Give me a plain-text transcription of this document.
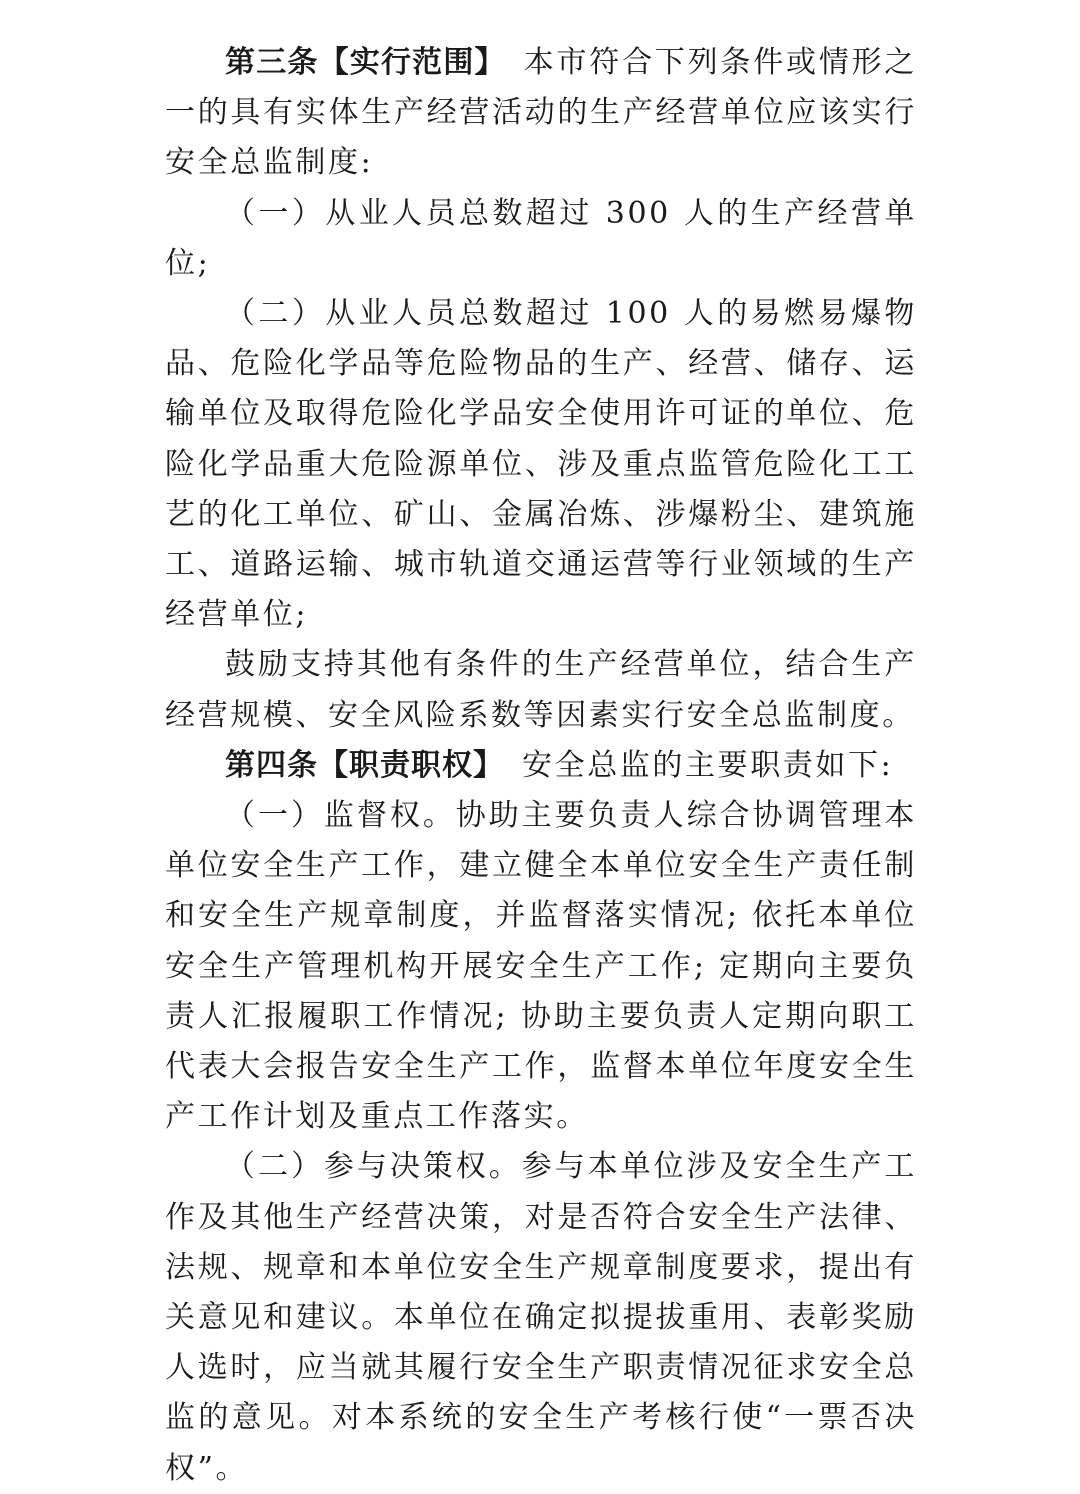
第三条【实行范围】 本市符合下列条件或情形之一的具有实体生产经营活动的生产经营单位应该实行安全总监制度:

（一）从业人员总数超过 300 人的生产经营单位;

（二）从业人员总数超过 100 人的易燃易爆物品、危险化学品等危险物品的生产、经营、储存、运输单位及取得危险化学品安全使用许可证的单位、危险化学品重大危险源单位、涉及重点监管危险化工工艺的化工单位、矿山、金属冶炼、涉爆粉尘、建筑施工、道路运输、城市轨道交通运营等行业领域的生产经营单位;

鼓励支持其他有条件的生产经营单位，结合生产经营规模、安全风险系数等因素实行安全总监制度。

第四条【职责职权】 安全总监的主要职责如下:

（一）监督权。协助主要负责人综合协调管理本单位安全生产工作，建立健全本单位安全生产责任制和安全生产规章制度，并监督落实情况; 依托本单位安全生产管理机构开展安全生产工作; 定期向主要负责人汇报履职工作情况; 协助主要负责人定期向职工代表大会报告安全生产工作，监督本单位年度安全生产工作计划及重点工作落实。

（二）参与决策权。参与本单位涉及安全生产工作及其他生产经营决策，对是否符合安全生产法律、法规、规章和本单位安全生产规章制度要求，提出有关意见和建议。本单位在确定拟提拔重用、表彰奖励人选时，应当就其履行安全生产职责情况征求安全总监的意见。对本系统的安全生产考核行使“一票否决权”。
